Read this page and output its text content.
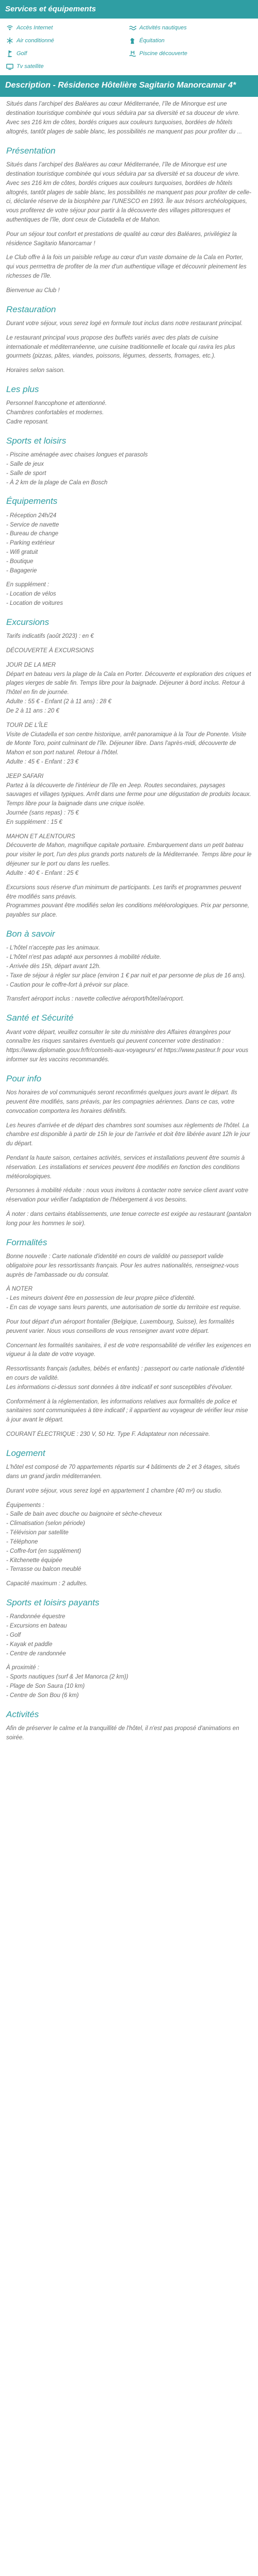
Services et équipements
Accès Internet	Activités nautiques
Air conditionné	Équitation
Golf	Piscine découverte
Tv satellite
Description - Résidence Hôtelière Sagitario Manorcamar 4*

Situés dans l’archipel des Baléares au cœur Méditerranée, l’île de Minorque est une destination touristique combinée qui vous séduira par sa diversité et sa douceur de vivre. Avec ses 216 km de côtes, bordés criques aux couleurs turquoises, bordées de hôtels altogrés, tantôt plages de sable blanc, les possibilités ne manquent pas pour profiter du ...

Présentation

Situés dans l’archipel des Baléares au cœur Méditerranée, l’île de Minorque est une destination touristique combinée qui vous séduira par sa diversité et sa douceur de vivre. Avec ses 216 km de côtes, bordés criques aux couleurs turquoises, bordées de hôtels altogrés, tantôt plages de sable blanc, les possibilités ne manquent pas pour profiter de celle-ci, déclarée réserve de la biosphère par l'UNESCO en 1993. Île aux trésors archéologiques, vous profiterez de votre séjour pour partir à la découverte des villages pittoresques et authentiques de l'île, dont ceux de Ciutadella et de Mahon.

Pour un séjour tout confort et prestations de qualité au cœur des Baléares, privilégiez la résidence Sagitario Manorcamar !

Le Club offre à la fois un paisible refuge au cœur d'un vaste domaine de la Cala en Porter, qui vous permettra de profiter de la mer d'un authentique village et découvrir pleinement les richesses de l'île.

Bienvenue au Club !

Restauration

Durant votre séjour, vous serez logé en formule tout inclus dans notre restaurant principal.

Le restaurant principal vous propose des buffets variés avec des plats de cuisine internationale et méditerranéenne, une cuisine traditionnelle et locale qui ravira les plus gourmets (pizzas, pâtes, viandes, poissons, légumes, desserts, fromages, etc.).

Horaires selon saison.

Les plus

Personnel francophone et attentionné.
Chambres confortables et modernes.
Cadre reposant.

Sports et loisirs

- Piscine aménagée avec chaises longues et parasols
- Salle de jeux
- Salle de sport
- À 2 km de la plage de Cala en Bosch

Équipements

- Réception 24h/24
- Service de navette
- Bureau de change
- Parking extérieur
- Wifi gratuit
- Boutique
- Bagagerie

En supplément :
- Location de vélos
- Location de voitures

Excursions

Tarifs indicatifs (août 2023) : en €

DÉCOUVERTE À EXCURSIONS

JOUR DE LA MER
Départ en bateau vers la plage de la Cala en Porter. Découverte et exploration des criques et plages vierges de sable fin. Temps libre pour la baignade. Déjeuner à bord inclus. Retour à l'hôtel en fin de journée.
Adulte : 55 € - Enfant (2 à 11 ans) : 28 €
De 2 à 11 ans : 20 €

TOUR DE L'ÎLE
Visite de Ciutadella et son centre historique, arrêt panoramique à la Tour de Ponente. Visite de Monte Toro, point culminant de l'île. Déjeuner libre. Dans l'après-midi, découverte de Mahon et son port naturel. Retour à l'hôtel.
Adulte : 45 € - Enfant : 23 €

JEEP SAFARI
Partez à la découverte de l'intérieur de l'île en Jeep. Routes secondaires, paysages sauvages et villages typiques. Arrêt dans une ferme pour une dégustation de produits locaux. Temps libre pour la baignade dans une crique isolée.
Journée (sans repas) : 75 €
En supplément : 15 €

MAHON ET ALENTOURS
Découverte de Mahon, magnifique capitale portuaire. Embarquement dans un petit bateau pour visiter le port, l'un des plus grands ports naturels de la Méditerranée. Temps libre pour le déjeuner sur le port ou dans les ruelles.
Adulte : 40 € - Enfant : 25 €

Excursions sous réserve d'un minimum de participants. Les tarifs et programmes peuvent être modifiés sans préavis.
Programmes pouvant être modifiés selon les conditions météorologiques. Prix par personne, payables sur place.

Bon à savoir

- L'hôtel n'accepte pas les animaux.
- L'hôtel n'est pas adapté aux personnes à mobilité réduite.
- Arrivée dès 15h, départ avant 12h.
- Taxe de séjour à régler sur place (environ 1 € par nuit et par personne de plus de 16 ans).
- Caution pour le coffre-fort à prévoir sur place.

Transfert aéroport inclus : navette collective aéroport/hôtel/aéroport.

Santé et Sécurité

Avant votre départ, veuillez consulter le site du ministère des Affaires étrangères pour connaître les risques sanitaires éventuels qui peuvent concerner votre destination : https://www.diplomatie.gouv.fr/fr/conseils-aux-voyageurs/ et https://www.pasteur.fr pour vous informer sur les vaccins recommandés.

Pour info

Nos horaires de vol communiqués seront reconfirmés quelques jours avant le départ. Ils peuvent être modifiés, sans préavis, par les compagnies aériennes. Dans ce cas, votre convocation comportera les horaires définitifs.

Les heures d'arrivée et de départ des chambres sont soumises aux règlements de l'hôtel. La chambre est disponible à partir de 15h le jour de l'arrivée et doit être libérée avant 12h le jour du départ.

Pendant la haute saison, certaines activités, services et installations peuvent être soumis à réservation. Les installations et services peuvent être modifiés en fonction des conditions météorologiques.

Personnes à mobilité réduite : nous vous invitons à contacter notre service client avant votre réservation pour vérifier l'adaptation de l'hébergement à vos besoins.

À noter : dans certains établissements, une tenue correcte est exigée au restaurant (pantalon long pour les hommes le soir).

Formalités

Bonne nouvelle : Carte nationale d'identité en cours de validité ou passeport valide obligatoire pour les ressortissants français. Pour les autres nationalités, renseignez-vous auprès de l'ambassade ou du consulat.

À NOTER
- Les mineurs doivent être en possession de leur propre pièce d'identité.
- En cas de voyage sans leurs parents, une autorisation de sortie du territoire est requise.

Pour tout départ d'un aéroport frontalier (Belgique, Luxembourg, Suisse), les formalités peuvent varier. Nous vous conseillons de vous renseigner avant votre départ.

Concernant les formalités sanitaires, il est de votre responsabilité de vérifier les exigences en vigueur à la date de votre voyage.

Ressortissants français (adultes, bébés et enfants) : passeport ou carte nationale d'identité en cours de validité.
Les informations ci-dessus sont données à titre indicatif et sont susceptibles d'évoluer.

Conformément à la réglementation, les informations relatives aux formalités de police et sanitaires sont communiquées à titre indicatif ; il appartient au voyageur de vérifier leur mise à jour avant le départ.

COURANT ÉLECTRIQUE : 230 V, 50 Hz. Type F. Adaptateur non nécessaire.

Logement

L'hôtel est composé de 70 appartements répartis sur 4 bâtiments de 2 et 3 étages, situés dans un grand jardin méditerranéen.

Durant votre séjour, vous serez logé en appartement 1 chambre (40 m²) ou studio.

Équipements :
- Salle de bain avec douche ou baignoire et sèche-cheveux
- Climatisation (selon période)
- Télévision par satellite
- Téléphone
- Coffre-fort (en supplément)
- Kitchenette équipée
- Terrasse ou balcon meublé

Capacité maximum : 2 adultes.

Sports et loisirs payants

- Randonnée équestre
- Excursions en bateau
- Golf
- Kayak et paddle
- Centre de randonnée

À proximité :
- Sports nautiques (surf & Jet Manorca (2 km))
- Plage de Son Saura (10 km)
- Centre de Son Bou (6 km)

Activités

Afin de préserver le calme et la tranquillité de l'hôtel, il n'est pas proposé d'animations en soirée.
